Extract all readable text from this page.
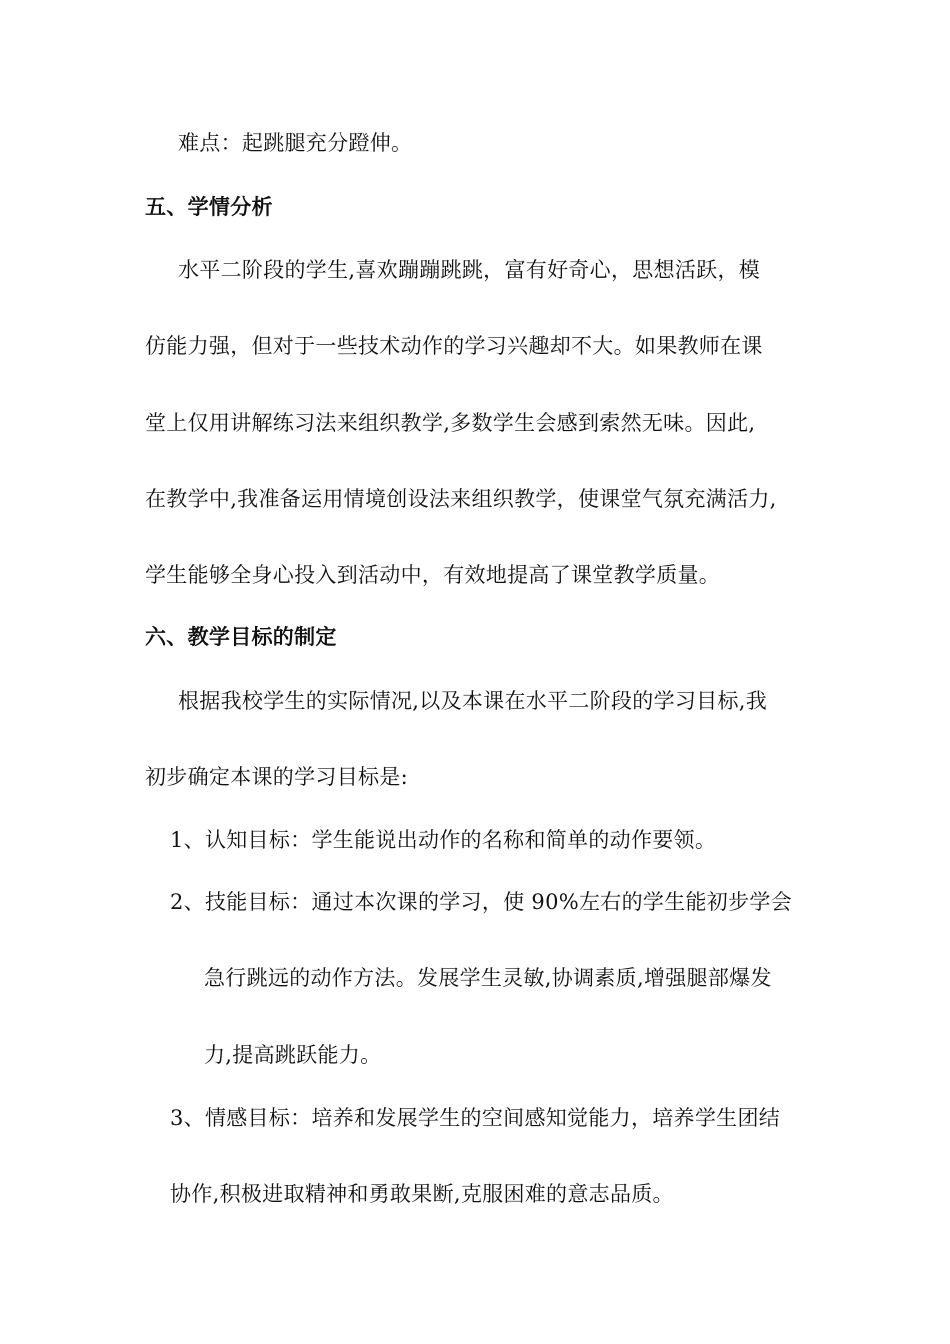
难点：起跳腿充分蹬伸。
五、学情分析
水平二阶段的学生,喜欢蹦蹦跳跳，富有好奇心，思想活跃，模
仿能力强，但对于一些技术动作的学习兴趣却不大。如果教师在课
堂上仅用讲解练习法来组织教学,多数学生会感到索然无味。因此,
在教学中,我准备运用情境创设法来组织教学，使课堂气氛充满活力,
学生能够全身心投入到活动中，有效地提高了课堂教学质量。
六、教学目标的制定
根据我校学生的实际情况,以及本课在水平二阶段的学习目标,我
初步确定本课的学习目标是:
1、认知目标：学生能说出动作的名称和简单的动作要领。
2、技能目标：通过本次课的学习，使 90%左右的学生能初步学会
急行跳远的动作方法。发展学生灵敏,协调素质,增强腿部爆发
力,提高跳跃能力。
3、情感目标：培养和发展学生的空间感知觉能力，培养学生团结
协作,积极进取精神和勇敢果断,克服困难的意志品质。
